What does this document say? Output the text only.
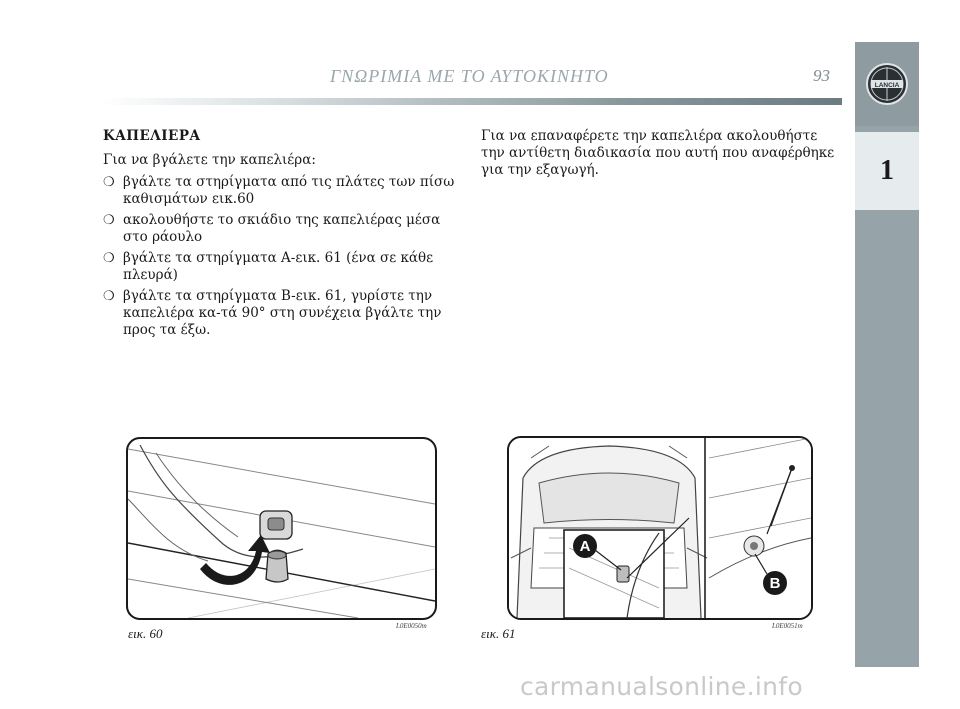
ΓΝΩΡΙΜΙΑ ΜΕ ΤΟ ΑΥΤΟΚΙΝΗΤΟ	93
LANCIA
1
ΚΑΠΕΛΙΕΡΑ
Για να βγάλετε την καπελιέρα:
❍ βγάλτε τα στηρίγματα από τις πλάτες των πίσω καθισμάτων εικ.60
❍ ακολουθήστε το σκιάδιο της καπελιέρας μέσα στο ράουλο
❍ βγάλτε τα στηρίγματα A-εικ. 61 (ένα σε κάθε πλευρά)
❍ βγάλτε τα στηρίγματα B-εικ. 61, γυρίστε την καπελιέρα κα-τά 90° στη συνέχεια βγάλτε την προς τα έξω.

Για να επαναφέρετε την καπελιέρα ακολουθήστε την αντίθετη διαδικασία που αυτή που αναφέρθηκε για την εξαγωγή.

εικ. 60	L0E0050m
A
B
εικ. 61	L0E0051m
carmanualsonline.info
